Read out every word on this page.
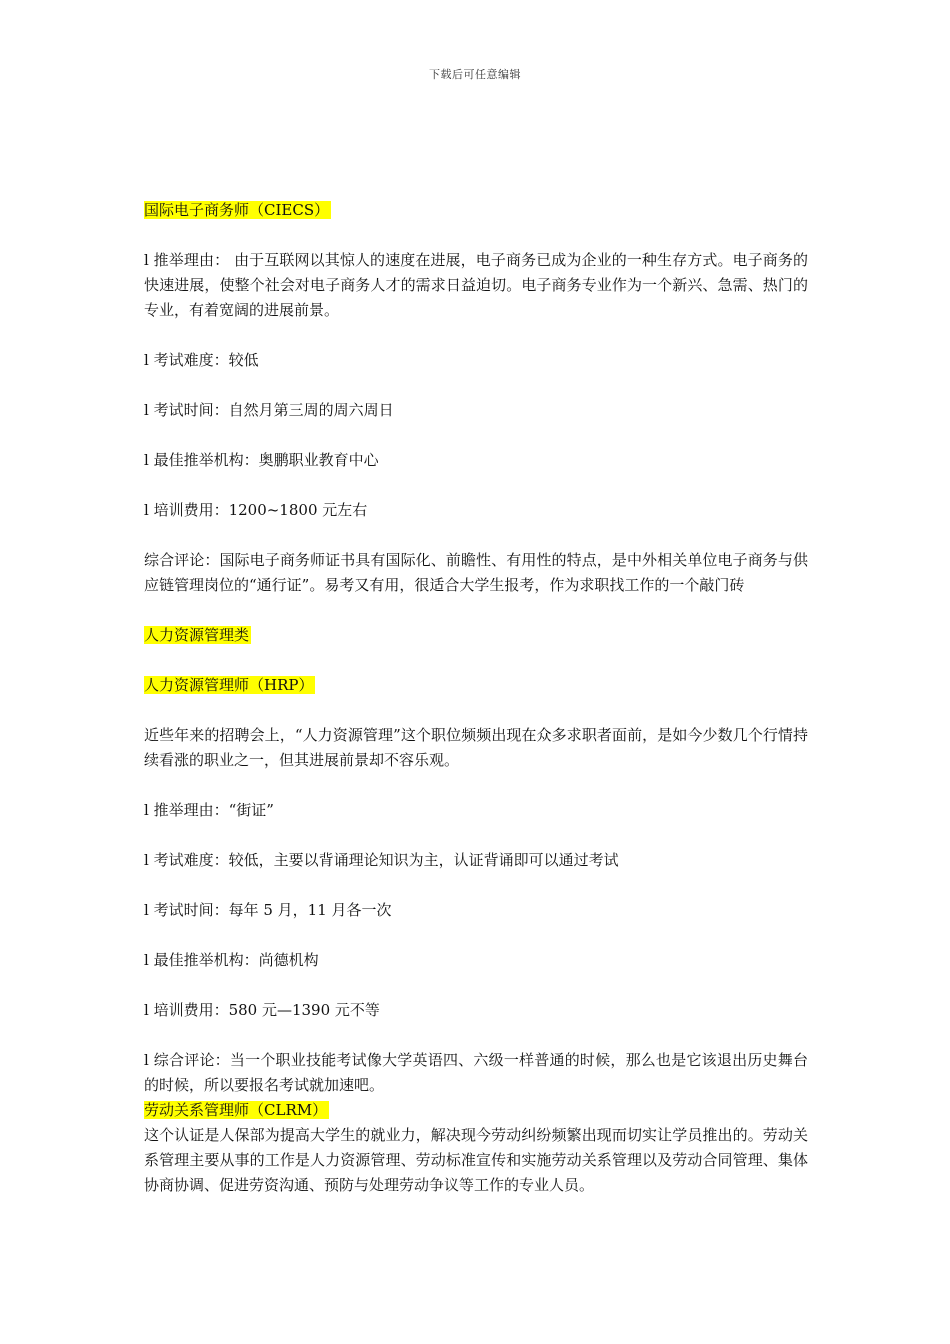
下载后可任意编辑

国际电子商务师（CIECS）

l 推举理由： 由于互联网以其惊人的速度在进展，电子商务已成为企业的一种生存方式。电子商务的快速进展，使整个社会对电子商务人才的需求日益迫切。电子商务专业作为一个新兴、急需、热门的专业，有着宽阔的进展前景。

l 考试难度：较低

l 考试时间：自然月第三周的周六周日

l 最佳推举机构：奥鹏职业教育中心

l 培训费用：1200~1800 元左右

综合评论：国际电子商务师证书具有国际化、前瞻性、有用性的特点，是中外相关单位电子商务与供应链管理岗位的“通行证”。易考又有用，很适合大学生报考，作为求职找工作的一个敲门砖

人力资源管理类

人力资源管理师（HRP）

近些年来的招聘会上，“人力资源管理”这个职位频频出现在众多求职者面前，是如今少数几个行情持续看涨的职业之一，但其进展前景却不容乐观。

l 推举理由：“街证”

l 考试难度：较低，主要以背诵理论知识为主，认证背诵即可以通过考试

l 考试时间：每年 5 月，11 月各一次

l 最佳推举机构：尚德机构

l 培训费用：580 元—1390 元不等

l 综合评论：当一个职业技能考试像大学英语四、六级一样普通的时候，那么也是它该退出历史舞台的时候，所以要报名考试就加速吧。

劳动关系管理师（CLRM）

这个认证是人保部为提高大学生的就业力，解决现今劳动纠纷频繁出现而切实让学员推出的。劳动关系管理主要从事的工作是人力资源管理、劳动标准宣传和实施劳动关系管理以及劳动合同管理、集体协商协调、促进劳资沟通、预防与处理劳动争议等工作的专业人员。
